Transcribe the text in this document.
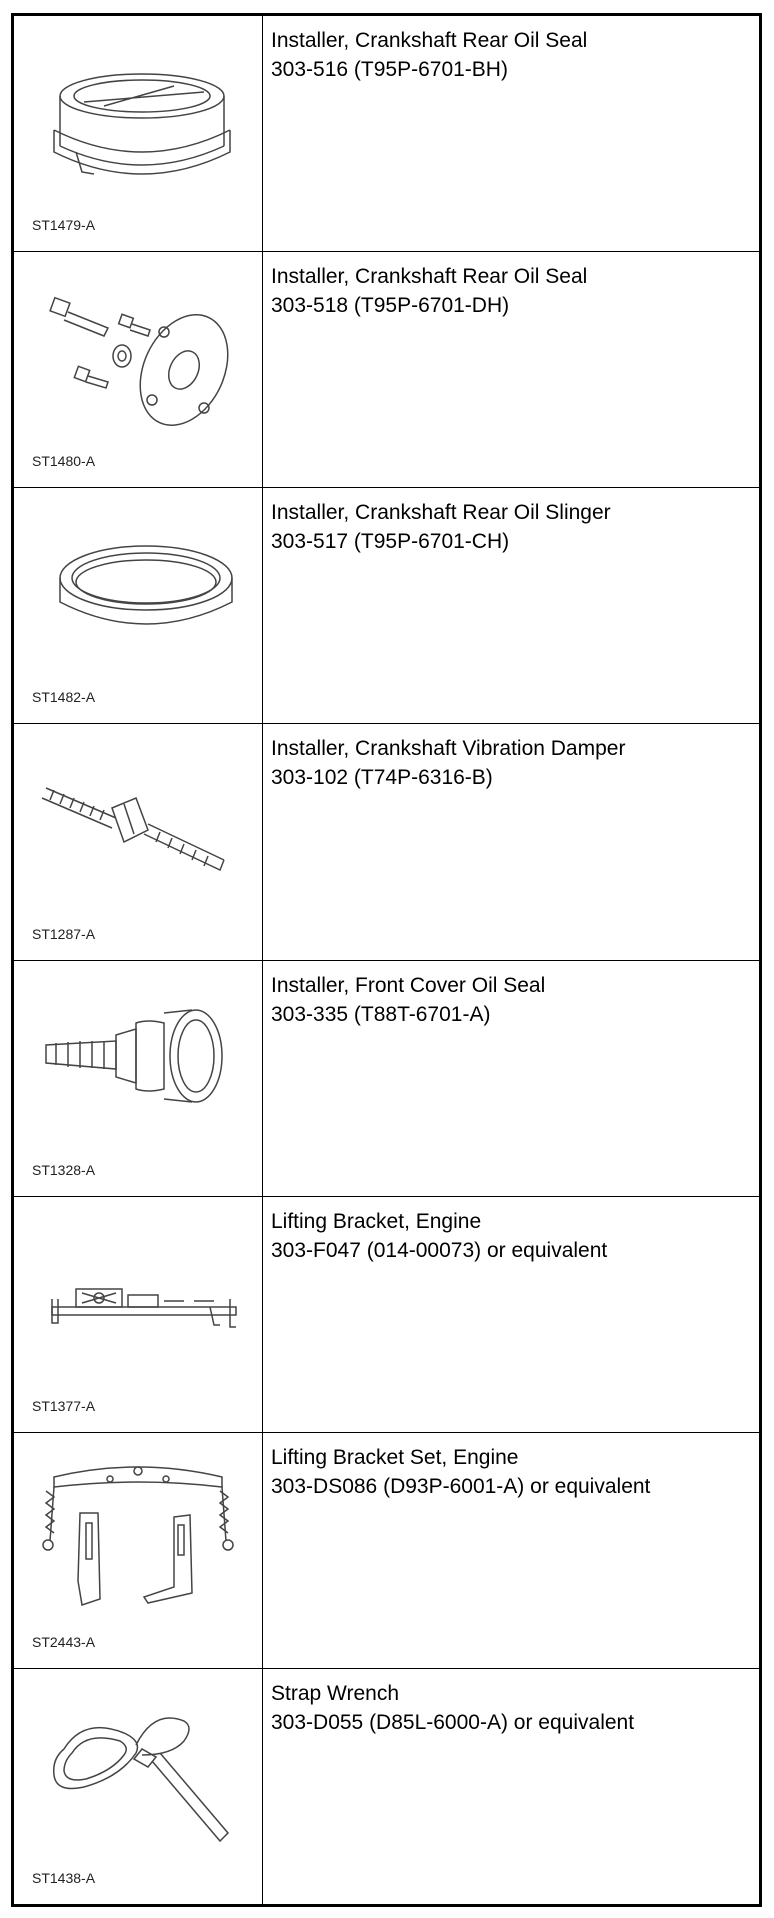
ST1479-A
Installer, Crankshaft Rear Oil Seal
303-516 (T95P-6701-BH)
ST1480-A
Installer, Crankshaft Rear Oil Seal
303-518 (T95P-6701-DH)
ST1482-A
Installer, Crankshaft Rear Oil Slinger
303-517 (T95P-6701-CH)
ST1287-A
Installer, Crankshaft Vibration Damper
303-102 (T74P-6316-B)
ST1328-A
Installer, Front Cover Oil Seal
303-335 (T88T-6701-A)
ST1377-A
Lifting Bracket, Engine
303-F047 (014-00073) or equivalent
ST2443-A
Lifting Bracket Set, Engine
303-DS086 (D93P-6001-A) or equivalent
ST1438-A
Strap Wrench
303-D055 (D85L-6000-A) or equivalent
